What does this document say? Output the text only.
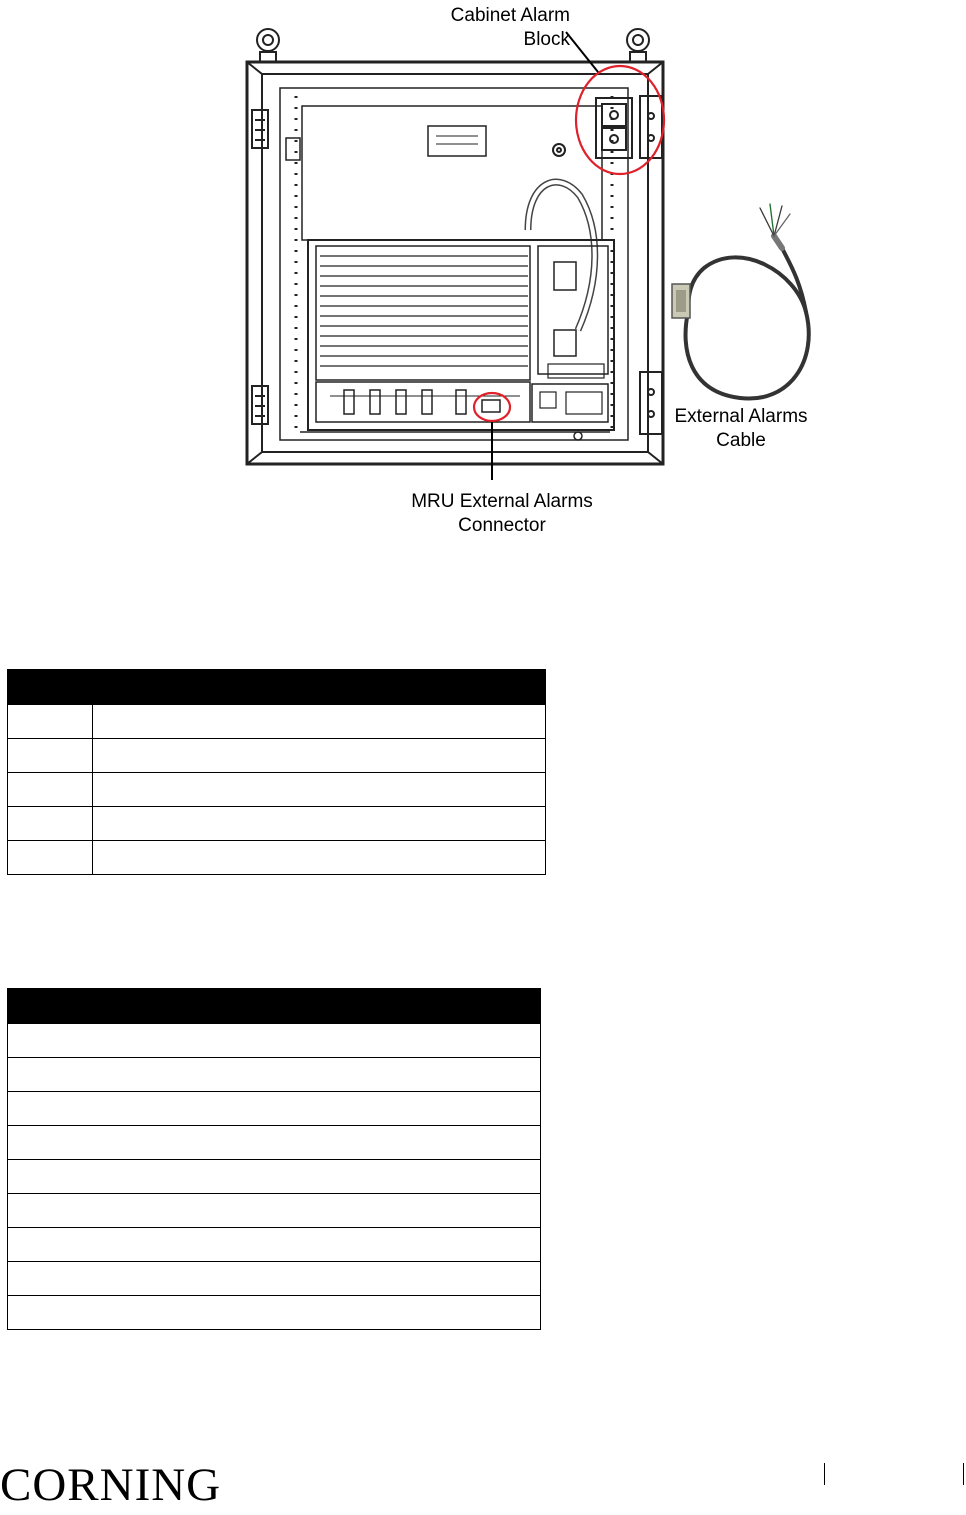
Cabinet Alarm
Block
External Alarms
Cable
MRU External Alarms
Connector

CORNING
